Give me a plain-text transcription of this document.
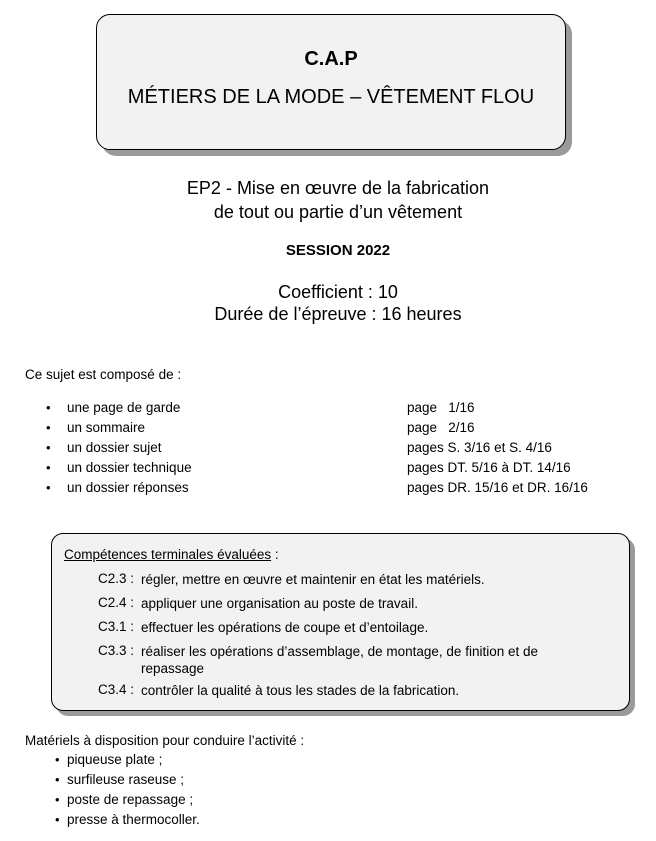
C.A.P
MÉTIERS DE LA MODE – VÊTEMENT FLOU
EP2 - Mise en œuvre de la fabrication
de tout ou partie d’un vêtement
SESSION 2022
Coefficient : 10
Durée de l’épreuve : 16 heures
Ce sujet est composé de :
• une page de garde	page   1/16
• un sommaire	page   2/16
• un dossier sujet	pages S. 3/16 et S. 4/16
• un dossier technique	pages DT. 5/16 à DT. 14/16
• un dossier réponses	pages DR. 15/16 et DR. 16/16
Compétences terminales évaluées :
C2.3 : régler, mettre en œuvre et maintenir en état les matériels.
C2.4 : appliquer une organisation au poste de travail.
C3.1 : effectuer les opérations de coupe et d’entoilage.
C3.3 : réaliser les opérations d’assemblage, de montage, de finition et de repassage
C3.4 : contrôler la qualité à tous les stades de la fabrication.
Matériels à disposition pour conduire l’activité :
• piqueuse plate ;
• surfileuse raseuse ;
• poste de repassage ;
• presse à thermocoller.
